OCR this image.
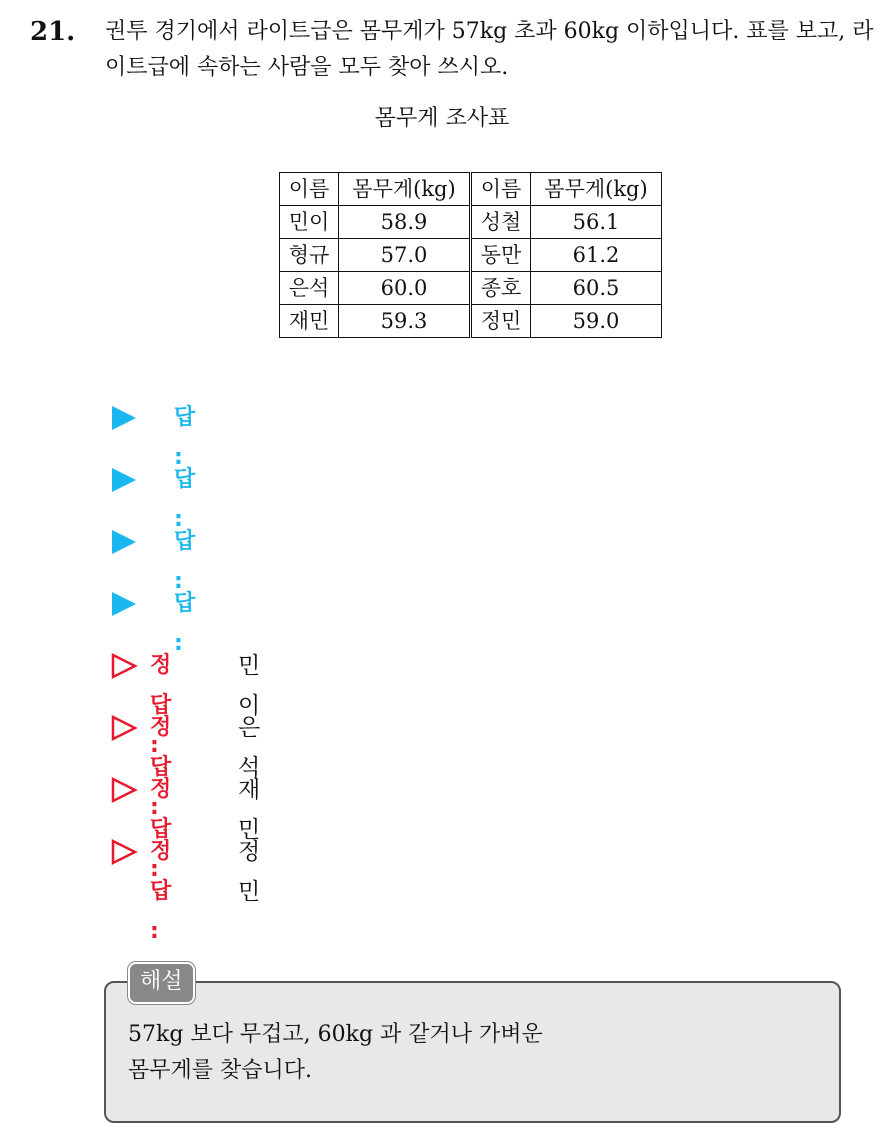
21. 권투 경기에서 라이트급은 몸무게가 57kg 초과 60kg 이하입니다. 표를 보고, 라이트급에 속하는 사람을 모두 찾아 쓰시오.
몸무게 조사표
이름	몸무게(kg)	이름	몸무게(kg)
민이	58.9	성철	56.1
형규	57.0	동만	61.2
은석	60.0	종호	60.5
재민	59.3	정민	59.0
답 :
답 :
답 :
답 :
정답 :
민이
정답 :
은석
정답 :
재민
정답 :
정민
57kg 보다 무겁고, 60kg 과 같거나 가벼운
몸무게를 찾습니다.
해설
